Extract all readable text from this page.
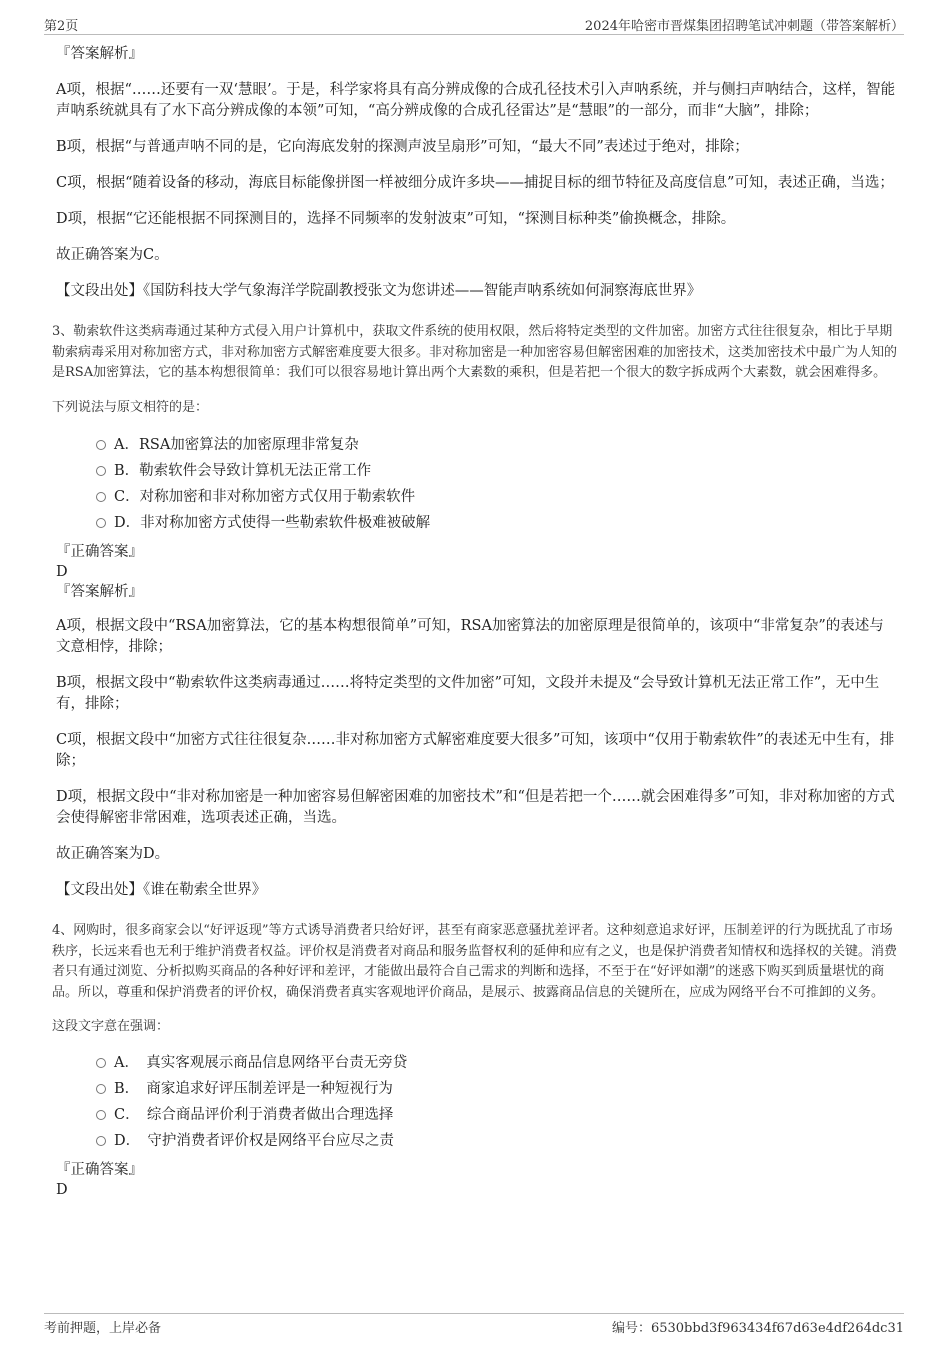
第2页	2024年哈密市晋煤集团招聘笔试冲刺题（带答案解析）
『答案解析』

A项，根据“……还要有一双‘慧眼’。于是，科学家将具有高分辨成像的合成孔径技术引入声呐系统，并与侧扫声呐结合，这样，智能声呐系统就具有了水下高分辨成像的本领”可知，“高分辨成像的合成孔径雷达”是“慧眼”的一部分，而非“大脑”，排除；

B项，根据“与普通声呐不同的是，它向海底发射的探测声波呈扇形”可知，“最大不同”表述过于绝对，排除；

C项，根据“随着设备的移动，海底目标能像拼图一样被细分成许多块——捕捉目标的细节特征及高度信息”可知，表述正确，当选；

D项，根据“它还能根据不同探测目的，选择不同频率的发射波束”可知，“探测目标种类”偷换概念，排除。

故正确答案为C。

【文段出处】《国防科技大学气象海洋学院副教授张文为您讲述——智能声呐系统如何洞察海底世界》

3、勒索软件这类病毒通过某种方式侵入用户计算机中，获取文件系统的使用权限，然后将特定类型的文件加密。加密方式往往很复杂，相比于早期勒索病毒采用对称加密方式，非对称加密方式解密难度要大很多。非对称加密是一种加密容易但解密困难的加密技术，这类加密技术中最广为人知的是RSA加密算法，它的基本构想很简单：我们可以很容易地计算出两个大素数的乘积，但是若把一个很大的数字拆成两个大素数，就会困难得多。

下列说法与原文相符的是：

A．RSA加密算法的加密原理非常复杂
B．勒索软件会导致计算机无法正常工作
C．对称加密和非对称加密方式仅用于勒索软件
D．非对称加密方式使得一些勒索软件极难被破解
『正确答案』
D
『答案解析』

A项，根据文段中“RSA加密算法，它的基本构想很简单”可知，RSA加密算法的加密原理是很简单的，该项中“非常复杂”的表述与文意相悖，排除；

B项，根据文段中“勒索软件这类病毒通过……将特定类型的文件加密”可知，文段并未提及“会导致计算机无法正常工作”，无中生有，排除；

C项，根据文段中“加密方式往往很复杂……非对称加密方式解密难度要大很多”可知，该项中“仅用于勒索软件”的表述无中生有，排除；

D项，根据文段中“非对称加密是一种加密容易但解密困难的加密技术”和“但是若把一个……就会困难得多”可知，非对称加密的方式会使得解密非常困难，选项表述正确，当选。

故正确答案为D。

【文段出处】《谁在勒索全世界》

4、网购时，很多商家会以“好评返现”等方式诱导消费者只给好评，甚至有商家恶意骚扰差评者。这种刻意追求好评，压制差评的行为既扰乱了市场秩序，长远来看也无利于维护消费者权益。评价权是消费者对商品和服务监督权利的延伸和应有之义，也是保护消费者知情权和选择权的关键。消费者只有通过浏览、分析拟购买商品的各种好评和差评，才能做出最符合自己需求的判断和选择，不至于在“好评如潮”的迷惑下购买到质量堪忧的商品。所以，尊重和保护消费者的评价权，确保消费者真实客观地评价商品，是展示、披露商品信息的关键所在，应成为网络平台不可推卸的义务。

这段文字意在强调：

A．　真实客观展示商品信息网络平台责无旁贷
B．　商家追求好评压制差评是一种短视行为
C．　综合商品评价利于消费者做出合理选择
D．　守护消费者评价权是网络平台应尽之责
『正确答案』
D
考前押题，上岸必备	编号：6530bbd3f963434f67d63e4df264dc31
